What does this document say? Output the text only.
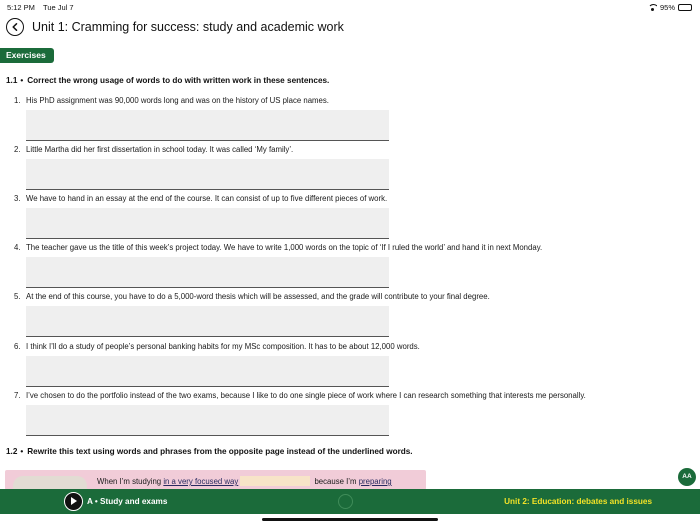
5:12 PM Tue Jul 7	95%
Unit 1: Cramming for success: study and academic work
Exercises
1.1 • Correct the wrong usage of words to do with written work in these sentences.
1. His PhD assignment was 90,000 words long and was on the history of US place names.
2. Little Martha did her first dissertation in school today. It was called ‘My family’.
3. We have to hand in an essay at the end of the course. It can consist of up to five different pieces of work.
4. The teacher gave us the title of this week’s project today. We have to write 1,000 words on the topic of ‘If I ruled the world’ and hand it in next Monday.
5. At the end of this course, you have to do a 5,000-word thesis which will be assessed, and the grade will contribute to your final degree.
6. I think I’ll do a study of people’s personal banking habits for my MSc composition. It has to be about 12,000 words.
7. I’ve chosen to do the portfolio instead of the two exams, because I like to do one single piece of work where I can research something that interests me personally.
1.2 • Rewrite this text using words and phrases from the opposite page instead of the underlined words.
When I’m studying in a very focused way	because I’m preparing
AA
A • Study and exams	Unit 2: Education: debates and issues
